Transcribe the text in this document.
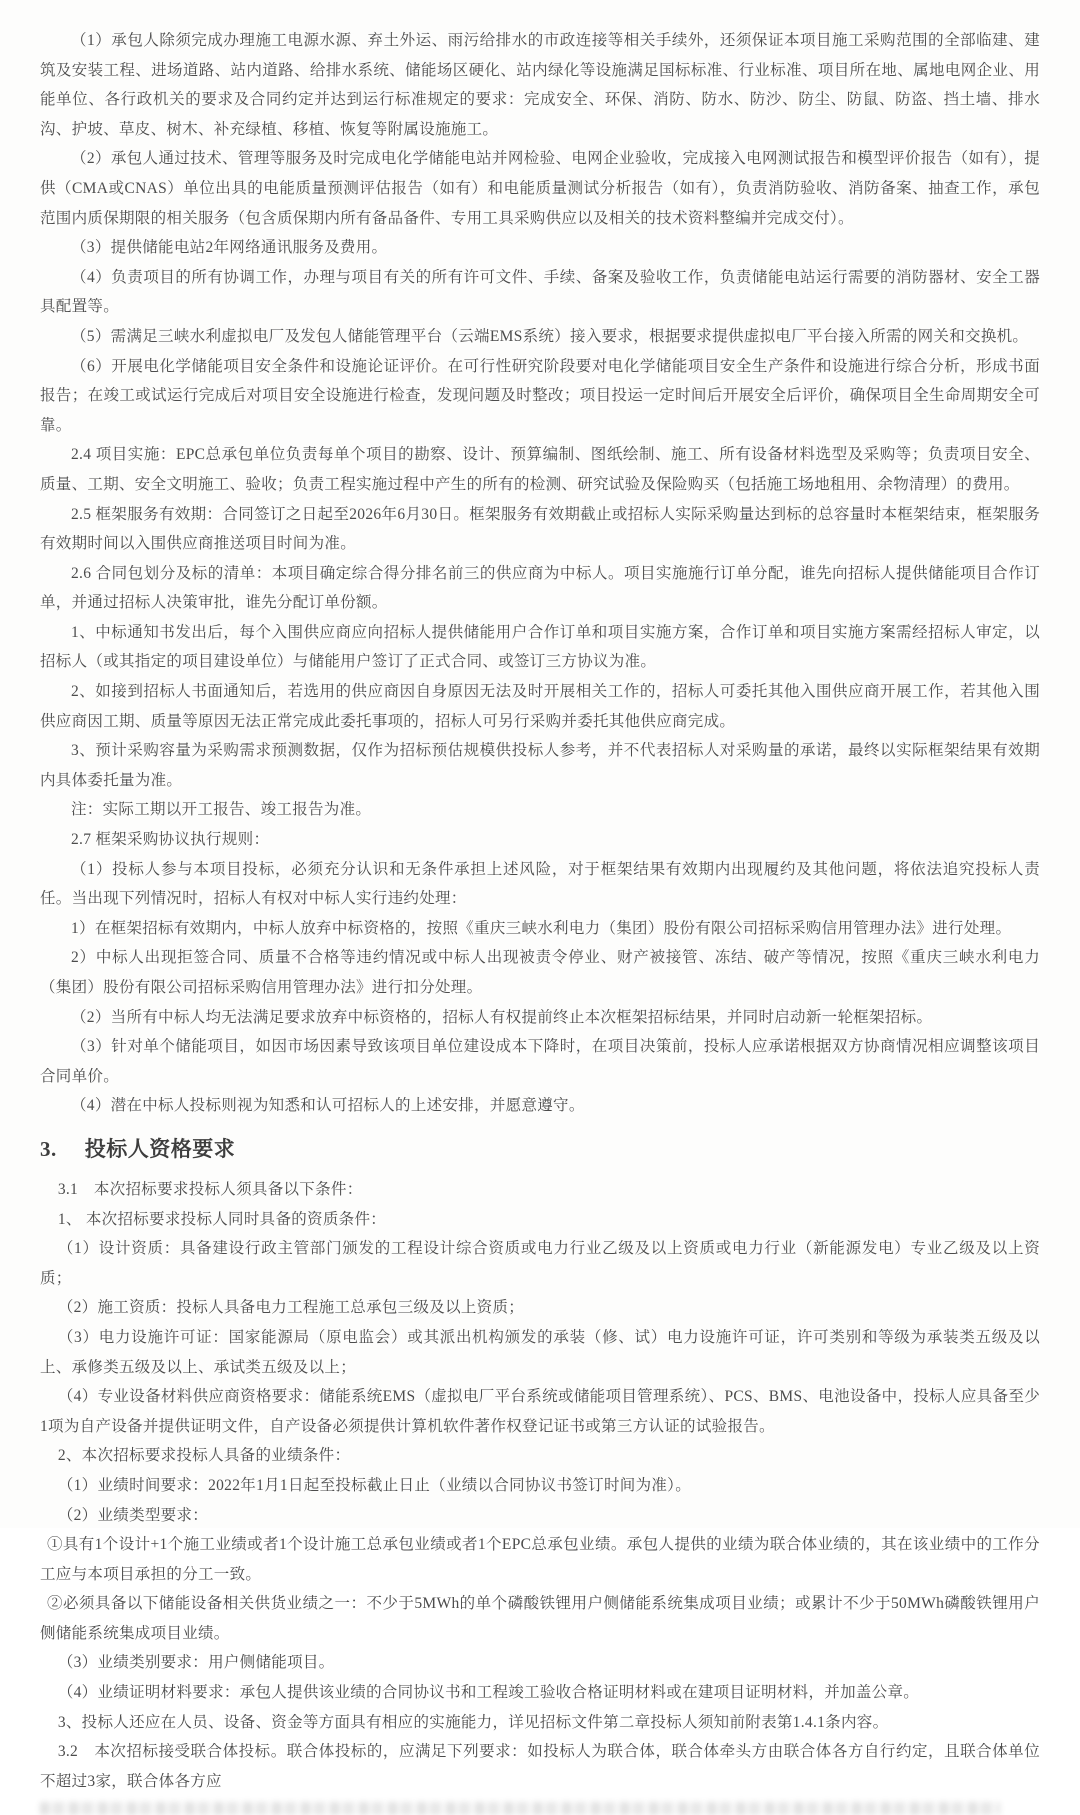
（1）承包人除须完成办理施工电源水源、弃土外运、雨污给排水的市政连接等相关手续外，还须保证本项目施工采购范围的全部临建、建筑及安装工程、进场道路、站内道路、给排水系统、储能场区硬化、站内绿化等设施满足国标标准、行业标准、项目所在地、属地电网企业、用能单位、各行政机关的要求及合同约定并达到运行标准规定的要求：完成安全、环保、消防、防水、防沙、防尘、防鼠、防盗、挡土墙、排水沟、护坡、草皮、树木、补充绿植、移植、恢复等附属设施施工。

（2）承包人通过技术、管理等服务及时完成电化学储能电站并网检验、电网企业验收，完成接入电网测试报告和模型评价报告（如有），提供（CMA或CNAS）单位出具的电能质量预测评估报告（如有）和电能质量测试分析报告（如有），负责消防验收、消防备案、抽查工作，承包范围内质保期限的相关服务（包含质保期内所有备品备件、专用工具采购供应以及相关的技术资料整编并完成交付）。

（3）提供储能电站2年网络通讯服务及费用。

（4）负责项目的所有协调工作，办理与项目有关的所有许可文件、手续、备案及验收工作，负责储能电站运行需要的消防器材、安全工器具配置等。

（5）需满足三峡水利虚拟电厂及发包人储能管理平台（云端EMS系统）接入要求，根据要求提供虚拟电厂平台接入所需的网关和交换机。

（6）开展电化学储能项目安全条件和设施论证评价。在可行性研究阶段要对电化学储能项目安全生产条件和设施进行综合分析，形成书面报告；在竣工或试运行完成后对项目安全设施进行检查，发现问题及时整改；项目投运一定时间后开展安全后评价，确保项目全生命周期安全可靠。

2.4 项目实施：EPC总承包单位负责每单个项目的勘察、设计、预算编制、图纸绘制、施工、所有设备材料选型及采购等；负责项目安全、质量、工期、安全文明施工、验收；负责工程实施过程中产生的所有的检测、研究试验及保险购买（包括施工场地租用、余物清理）的费用。

2.5 框架服务有效期：合同签订之日起至2026年6月30日。框架服务有效期截止或招标人实际采购量达到标的总容量时本框架结束，框架服务有效期时间以入围供应商推送项目时间为准。

2.6 合同包划分及标的清单：本项目确定综合得分排名前三的供应商为中标人。项目实施施行订单分配，谁先向招标人提供储能项目合作订单，并通过招标人决策审批，谁先分配订单份额。

1、中标通知书发出后，每个入围供应商应向招标人提供储能用户合作订单和项目实施方案，合作订单和项目实施方案需经招标人审定，以招标人（或其指定的项目建设单位）与储能用户签订了正式合同、或签订三方协议为准。

2、如接到招标人书面通知后，若选用的供应商因自身原因无法及时开展相关工作的，招标人可委托其他入围供应商开展工作，若其他入围供应商因工期、质量等原因无法正常完成此委托事项的，招标人可另行采购并委托其他供应商完成。

3、预计采购容量为采购需求预测数据，仅作为招标预估规模供投标人参考，并不代表招标人对采购量的承诺，最终以实际框架结果有效期内具体委托量为准。

注：实际工期以开工报告、竣工报告为准。

2.7 框架采购协议执行规则：

（1）投标人参与本项目投标，必须充分认识和无条件承担上述风险，对于框架结果有效期内出现履约及其他问题，将依法追究投标人责任。当出现下列情况时，招标人有权对中标人实行违约处理：

1）在框架招标有效期内，中标人放弃中标资格的，按照《重庆三峡水利电力（集团）股份有限公司招标采购信用管理办法》进行处理。

2）中标人出现拒签合同、质量不合格等违约情况或中标人出现被责令停业、财产被接管、冻结、破产等情况，按照《重庆三峡水利电力（集团）股份有限公司招标采购信用管理办法》进行扣分处理。

（2）当所有中标人均无法满足要求放弃中标资格的，招标人有权提前终止本次框架招标结果，并同时启动新一轮框架招标。

（3）针对单个储能项目，如因市场因素导致该项目单位建设成本下降时，在项目决策前，投标人应承诺根据双方协商情况相应调整该项目合同单价。

（4）潜在中标人投标则视为知悉和认可招标人的上述安排，并愿意遵守。

3. 投标人资格要求

3.1　本次招标要求投标人须具备以下条件：

1、 本次招标要求投标人同时具备的资质条件：

（1）设计资质：具备建设行政主管部门颁发的工程设计综合资质或电力行业乙级及以上资质或电力行业（新能源发电）专业乙级及以上资质；

（2）施工资质：投标人具备电力工程施工总承包三级及以上资质；

（3）电力设施许可证：国家能源局（原电监会）或其派出机构颁发的承装（修、试）电力设施许可证，许可类别和等级为承装类五级及以上、承修类五级及以上、承试类五级及以上；

（4）专业设备材料供应商资格要求：储能系统EMS（虚拟电厂平台系统或储能项目管理系统）、PCS、BMS、电池设备中，投标人应具备至少1项为自产设备并提供证明文件，自产设备必须提供计算机软件著作权登记证书或第三方认证的试验报告。

2、本次招标要求投标人具备的业绩条件：

（1）业绩时间要求：2022年1月1日起至投标截止日止（业绩以合同协议书签订时间为准）。

（2）业绩类型要求：

①具有1个设计+1个施工业绩或者1个设计施工总承包业绩或者1个EPC总承包业绩。承包人提供的业绩为联合体业绩的，其在该业绩中的工作分工应与本项目承担的分工一致。

②必须具备以下储能设备相关供货业绩之一：不少于5MWh的单个磷酸铁锂用户侧储能系统集成项目业绩；或累计不少于50MWh磷酸铁锂用户侧储能系统集成项目业绩。

（3）业绩类别要求：用户侧储能项目。

（4）业绩证明材料要求：承包人提供该业绩的合同协议书和工程竣工验收合格证明材料或在建项目证明材料，并加盖公章。

3、投标人还应在人员、设备、资金等方面具有相应的实施能力，详见招标文件第二章投标人须知前附表第1.4.1条内容。

3.2　本次招标接受联合体投标。联合体投标的，应满足下列要求：如投标人为联合体，联合体牵头方由联合体各方自行约定，且联合体单位不超过3家，联合体各方应
